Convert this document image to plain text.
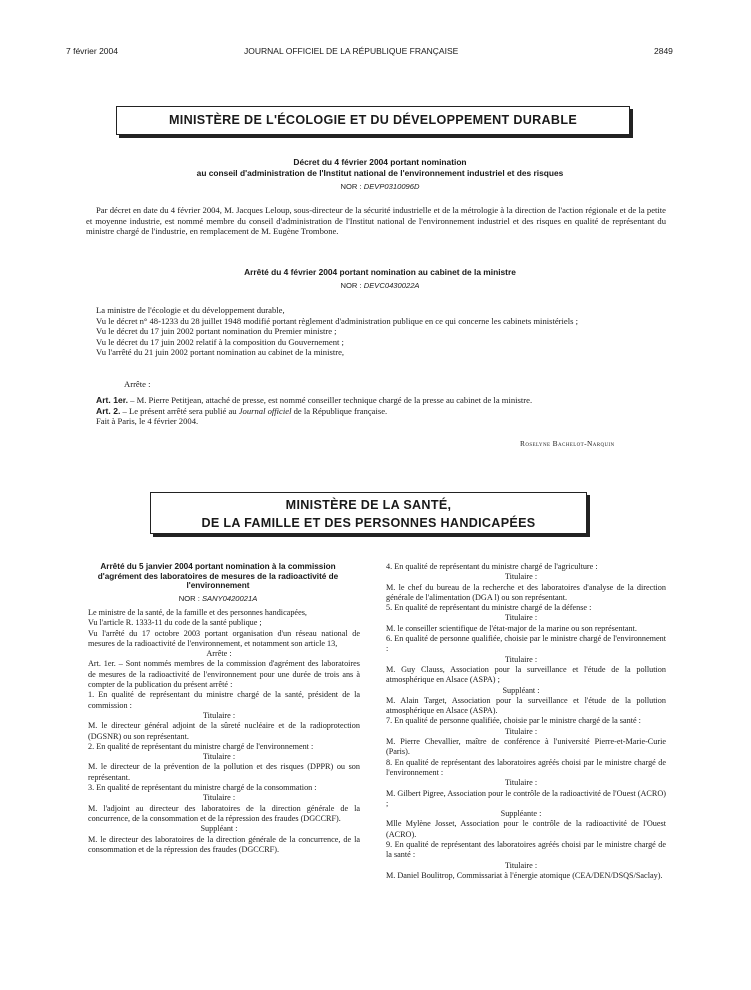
7 février 2004	JOURNAL OFFICIEL DE LA RÉPUBLIQUE FRANÇAISE	2849
MINISTÈRE DE L'ÉCOLOGIE ET DU DÉVELOPPEMENT DURABLE
Décret du 4 février 2004 portant nomination
au conseil d'administration de l'Institut national de l'environnement industriel et des risques
NOR : DEVP0310096D
Par décret en date du 4 février 2004, M. Jacques Leloup, sous-directeur de la sécurité industrielle et de la métrologie à la direction de l'action régionale et de la petite et moyenne industrie, est nommé membre du conseil d'administration de l'Institut national de l'environnement industriel et des risques en qualité de représentant du ministre chargé de l'industrie, en remplacement de M. Eugène Trombone.
Arrêté du 4 février 2004 portant nomination au cabinet de la ministre
NOR : DEVC0430022A
La ministre de l'écologie et du développement durable,
Vu le décret n° 48-1233 du 28 juillet 1948 modifié portant règlement d'administration publique en ce qui concerne les cabinets ministériels ;
Vu le décret du 17 juin 2002 portant nomination du Premier ministre ;
Vu le décret du 17 juin 2002 relatif à la composition du Gouvernement ;
Vu l'arrêté du 21 juin 2002 portant nomination au cabinet de la ministre,
Arrête :
Art. 1er. – M. Pierre Petitjean, attaché de presse, est nommé conseiller technique chargé de la presse au cabinet de la ministre.
Art. 2. – Le présent arrêté sera publié au Journal officiel de la République française.
Fait à Paris, le 4 février 2004.
Roselyne Bachelot-Narquin
MINISTÈRE DE LA SANTÉ,
DE LA FAMILLE ET DES PERSONNES HANDICAPÉES
Arrêté du 5 janvier 2004 portant nomination à la commission d'agrément des laboratoires de mesures de la radioactivité de l'environnement
NOR : SANY0420021A

Le ministre de la santé, de la famille et des personnes handicapées,

Vu l'article R. 1333-11 du code de la santé publique ;

Vu l'arrêté du 17 octobre 2003 portant organisation d'un réseau national de mesures de la radioactivité de l'environnement, et notamment son article 13,

Arrête :

Art. 1er. – Sont nommés membres de la commission d'agrément des laboratoires de mesures de la radioactivité de l'environnement pour une durée de trois ans à compter de la publication du présent arrêté :

1. En qualité de représentant du ministre chargé de la santé, président de la commission :

Titulaire :

M. le directeur général adjoint de la sûreté nucléaire et de la radioprotection (DGSNR) ou son représentant.

2. En qualité de représentant du ministre chargé de l'environnement :

Titulaire :

M. le directeur de la prévention de la pollution et des risques (DPPR) ou son représentant.

3. En qualité de représentant du ministre chargé de la consommation :

Titulaire :

M. l'adjoint au directeur des laboratoires de la direction générale de la concurrence, de la consommation et de la répression des fraudes (DGCCRF).

Suppléant :

M. le directeur des laboratoires de la direction générale de la concurrence, de la consommation et de la répression des fraudes (DGCCRF).

4. En qualité de représentant du ministre chargé de l'agriculture :

Titulaire :

M. le chef du bureau de la recherche et des laboratoires d'analyse de la direction générale de l'alimentation (DGA l) ou son représentant.

5. En qualité de représentant du ministre chargé de la défense :

Titulaire :

M. le conseiller scientifique de l'état-major de la marine ou son représentant.

6. En qualité de personne qualifiée, choisie par le ministre chargé de l'environnement :

Titulaire :

M. Guy Clauss, Association pour la surveillance et l'étude de la pollution atmosphérique en Alsace (ASPA) ;

Suppléant :

M. Alain Target, Association pour la surveillance et l'étude de la pollution atmosphérique en Alsace (ASPA).

7. En qualité de personne qualifiée, choisie par le ministre chargé de la santé :

Titulaire :

M. Pierre Chevallier, maître de conférence à l'université Pierre-et-Marie-Curie (Paris).

8. En qualité de représentant des laboratoires agréés choisi par le ministre chargé de l'environnement :

Titulaire :

M. Gilbert Pigree, Association pour le contrôle de la radioactivité de l'Ouest (ACRO) ;

Suppléante :

Mlle Mylène Josset, Association pour le contrôle de la radioactivité de l'Ouest (ACRO).

9. En qualité de représentant des laboratoires agréés choisi par le ministre chargé de la santé :

Titulaire :

M. Daniel Boulitrop, Commissariat à l'énergie atomique (CEA/DEN/DSQS/Saclay).
